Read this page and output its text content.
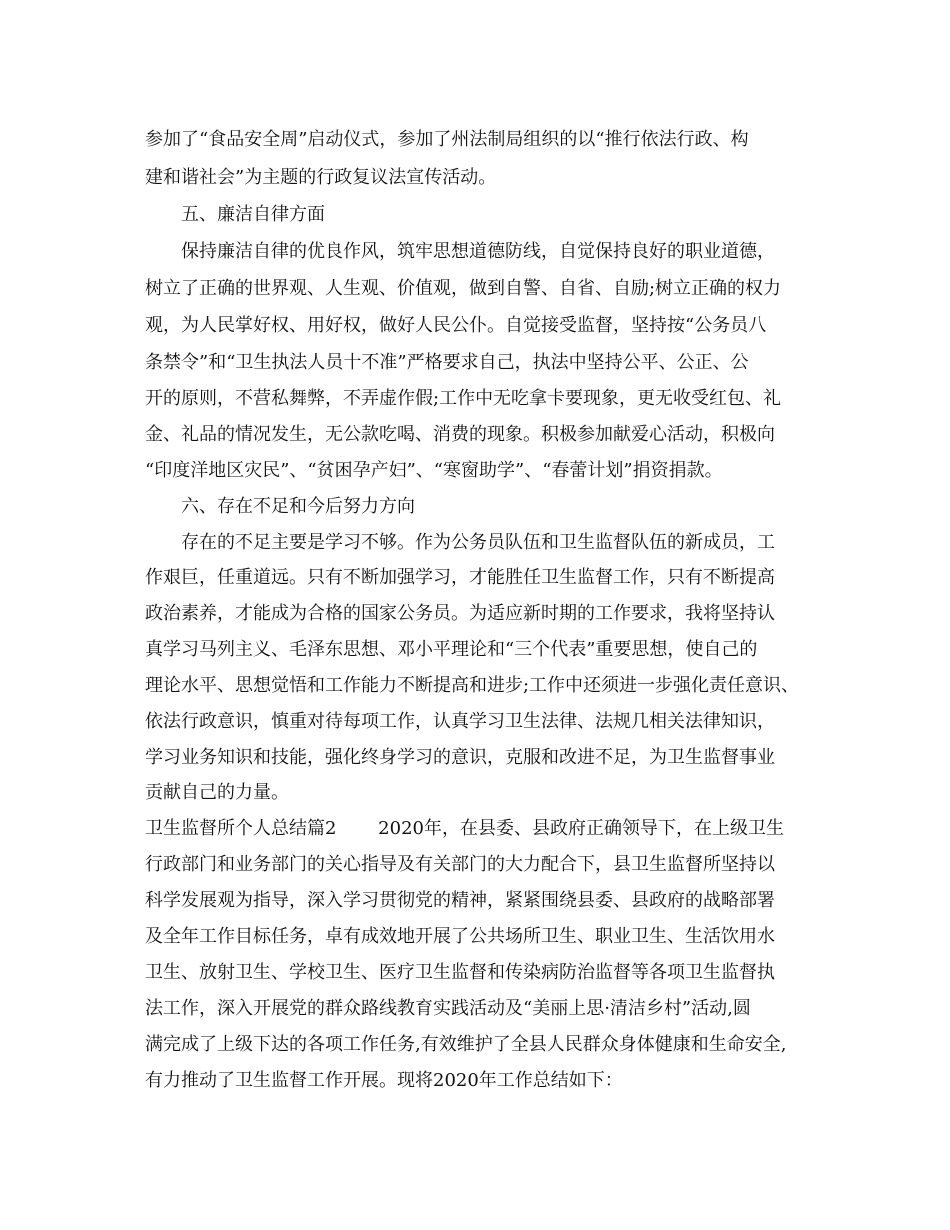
参加了“食品安全周”启动仪式，参加了州法制局组织的以“推行依法行政、构
建和谐社会”为主题的行政复议法宣传活动。
五、廉洁自律方面
保持廉洁自律的优良作风，筑牢思想道德防线，自觉保持良好的职业道德，
树立了正确的世界观、人生观、价值观，做到自警、自省、自励;树立正确的权力
观，为人民掌好权、用好权，做好人民公仆。自觉接受监督，坚持按“公务员八
条禁令”和“卫生执法人员十不准”严格要求自己，执法中坚持公平、公正、公
开的原则，不营私舞弊，不弄虚作假;工作中无吃拿卡要现象，更无收受红包、礼
金、礼品的情况发生，无公款吃喝、消费的现象。积极参加献爱心活动，积极向
“印度洋地区灾民”、“贫困孕产妇”、“寒窗助学”、“春蕾计划”捐资捐款。
六、存在不足和今后努力方向
存在的不足主要是学习不够。作为公务员队伍和卫生监督队伍的新成员，工
作艰巨，任重道远。只有不断加强学习，才能胜任卫生监督工作，只有不断提高
政治素养，才能成为合格的国家公务员。为适应新时期的工作要求，我将坚持认
真学习马列主义、毛泽东思想、邓小平理论和“三个代表”重要思想，使自己的
理论水平、思想觉悟和工作能力不断提高和进步;工作中还须进一步强化责任意识、
依法行政意识，慎重对待每项工作，认真学习卫生法律、法规几相关法律知识，
学习业务知识和技能，强化终身学习的意识，克服和改进不足，为卫生监督事业
贡献自己的力量。
卫生监督所个人总结篇2　　 2020年，在县委、县政府正确领导下，在上级卫生
行政部门和业务部门的关心指导及有关部门的大力配合下，县卫生监督所坚持以
科学发展观为指导，深入学习贯彻党的精神，紧紧围绕县委、县政府的战略部署
及全年工作目标任务，卓有成效地开展了公共场所卫生、职业卫生、生活饮用水
卫生、放射卫生、学校卫生、医疗卫生监督和传染病防治监督等各项卫生监督执
法工作，深入开展党的群众路线教育实践活动及“美丽上思·清洁乡村”活动,圆
满完成了上级下达的各项工作任务,有效维护了全县人民群众身体健康和生命安全,
有力推动了卫生监督工作开展。现将2020年工作总结如下：
